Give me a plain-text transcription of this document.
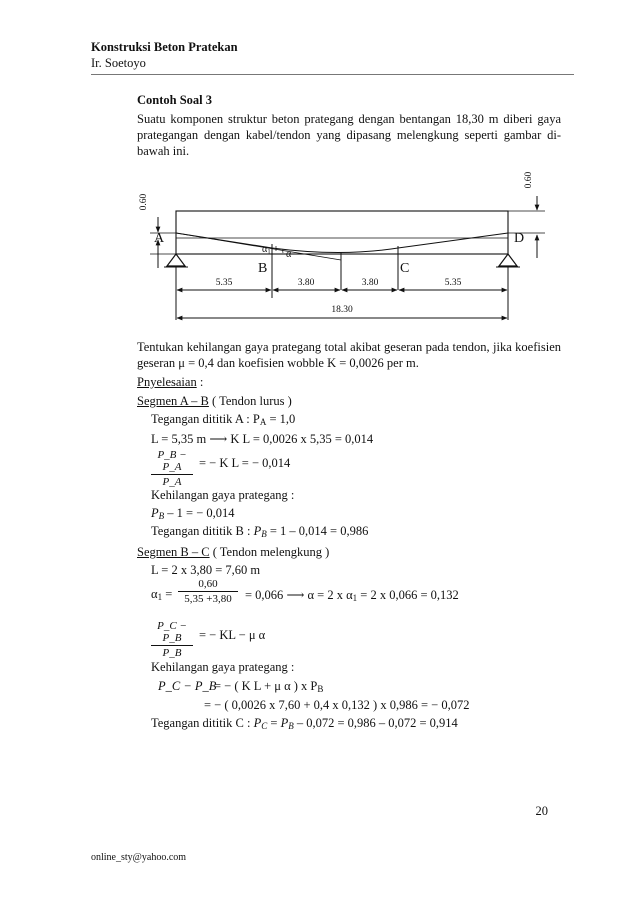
Konstruksi Beton Pratekan
Ir. Soetoyo
Contoh Soal 3
Suatu komponen struktur beton prategang dengan bentangan 18,30 m diberi gaya prategangan dengan kabel/tendon yang dipasang melengkung seperti gambar di-bawah ini.
A
B	C
D
$\alpha_1$ α
5.35	3.80	3.80	5.35
18.30
0.60
0.60
Tentukan kehilangan gaya prategang total akibat geseran pada tendon, jika koefisien geseran μ = 0,4 dan koefisien wobble K = 0,0026 per m.
Pnyelesaian :
Segmen A – B ( Tendon lurus )
Tegangan dititik A : $P_A = 1,0$
L = 5,35 m ⟶ K L = 0,0026 x 5,35 = 0,014
P_B − P_A
P_A
= − K L = − 0,014
Kehilangan gaya prategang :
$P_B - 1$ = − 0,014
Tegangan dititik B : $P_B = 1 - 0,014 = 0,986$
Segmen B – C ( Tendon melengkung )
L = 2 x 3,80 = 7,60 m
$\alpha_1$ =
0,60
5,35 +3,80	= 0,066 ⟶ α = 2 x $\alpha_1 = 2$ x 0,066 = 0,132
P_C − P_B
P_B
= − KL − μ α
Kehilangan gaya prategang :
P_C − P_B
= − ( K L + μ α ) x $P_B$
= − ( 0,0026 x 7,60 + 0,4 x 0,132 ) x 0,986 = − 0,072
Tegangan dititik C : $P_C = P_B - 0,072 = 0,986 - 0,072 = 0,914$
20
online_sty@yahoo.com
